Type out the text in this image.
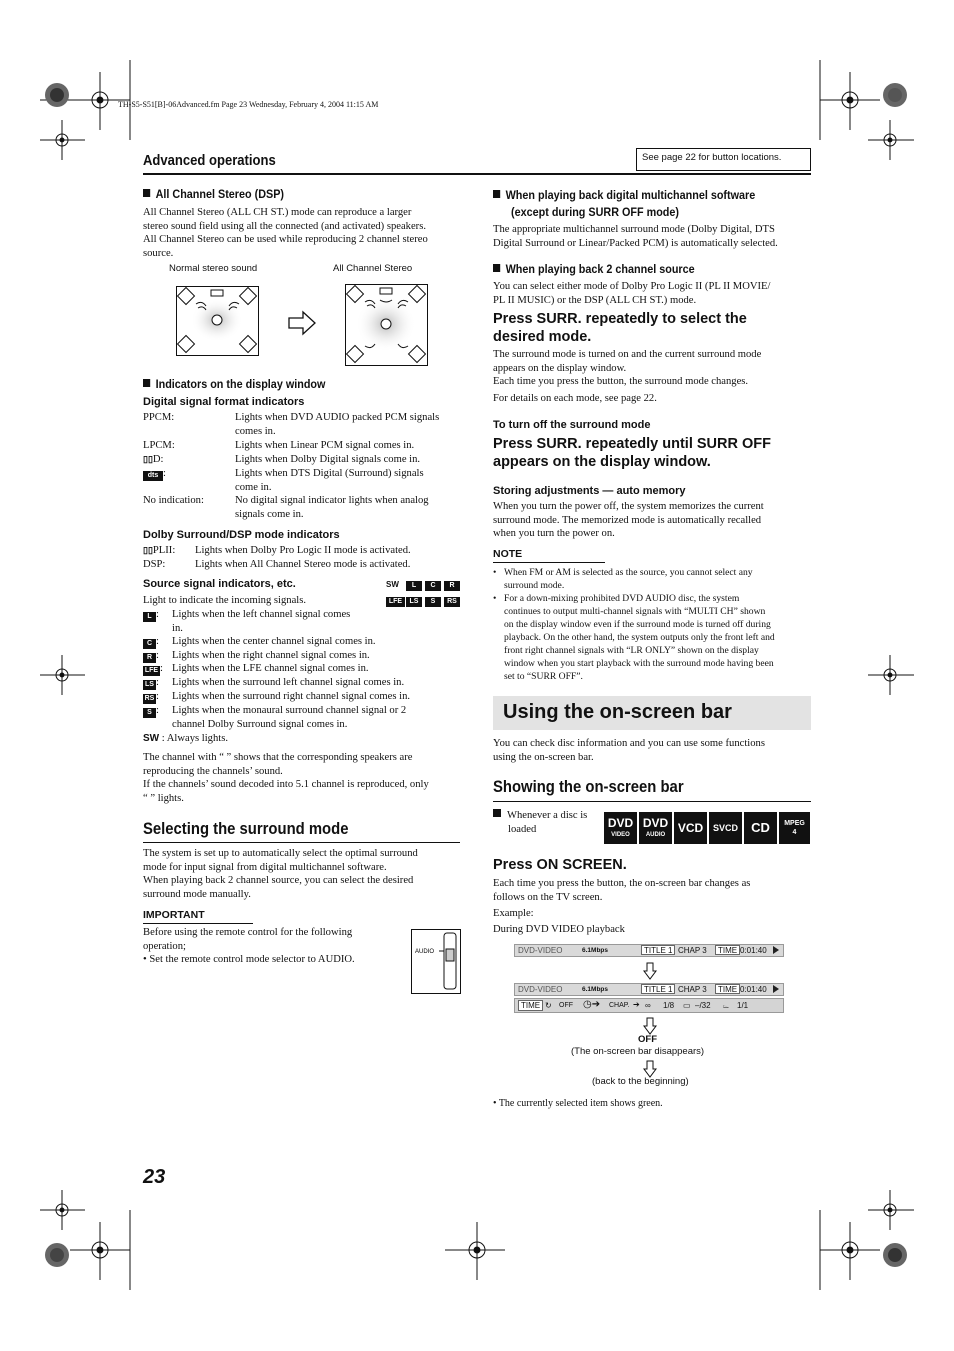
TH-S5-S51[B]-06Advanced.fm Page 23 Wednesday, February 4, 2004 11:15 AM
Advanced operations	See page 22 for button locations.
All Channel Stereo (DSP)
All Channel Stereo (ALL CH ST.) mode can reproduce a larger
stereo sound field using all the connected (and activated) speakers.
All Channel Stereo can be used while reproducing 2 channel stereo
source.
Normal stereo sound	All Channel Stereo
Indicators on the display window
Digital signal format indicators
PPCM:	Lights when DVD AUDIO packed PCM signals
comes in.
LPCM:	Lights when Linear PCM signal comes in.
▯▯D:	Lights when Dolby Digital signals come in.
dts :	Lights when DTS Digital (Surround) signals
come in.
No indication:	No digital signal indicator lights when analog
signals come in.
Dolby Surround/DSP mode indicators
▯▯PLII: Lights when Dolby Pro Logic II mode is activated.
DSP:	Lights when All Channel Stereo mode is activated.
Source signal indicators, etc.	SW	L	C	R
LFE	LS	S	RS
Light to indicate the incoming signals.
L : Lights when the left channel signal comes
in.
C : Lights when the center channel signal comes in.
R : Lights when the right channel signal comes in.
LFE : Lights when the LFE channel signal comes in.
LS : Lights when the surround left channel signal comes in.
RS : Lights when the surround right channel signal comes in.
S : Lights when the monaural surround channel signal or 2
channel Dolby Surround signal comes in.
SW : Always lights.
The channel with “ ” shows that the corresponding speakers are
reproducing the channels’ sound.
If the channels’ sound decoded into 5.1 channel is reproduced, only
“ ” lights.
Selecting the surround mode
The system is set up to automatically select the optimal surround
mode for input signal from digital multichannel software.
When playing back 2 channel source, you can select the desired
surround mode manually.
IMPORTANT
Before using the remote control for the following
operation;
• Set the remote control mode selector to AUDIO.
AUDIO
When playing back digital multichannel software
(except during SURR OFF mode)
The appropriate multichannel surround mode (Dolby Digital, DTS
Digital Surround or Linear/Packed PCM) is automatically selected.
When playing back 2 channel source
You can select either mode of Dolby Pro Logic II (PL II MOVIE/
PL II MUSIC) or the DSP (ALL CH ST.) mode.
Press SURR. repeatedly to select the
desired mode.
The surround mode is turned on and the current surround mode
appears on the display window.
Each time you press the button, the surround mode changes.
For details on each mode, see page 22.
To turn off the surround mode
Press SURR. repeatedly until SURR OFF
appears on the display window.
Storing adjustments — auto memory
When you turn the power off, the system memorizes the current
surround mode. The memorized mode is automatically recalled
when you turn the power on.
NOTE
• When FM or AM is selected as the source, you cannot select any
surround mode.
• For a down-mixing prohibited DVD AUDIO disc, the system
continues to output multi-channel signals with “MULTI CH” shown
on the display window even if the surround mode is turned off during
playback. On the other hand, the system outputs only the front left and
front right channel signals with “LR ONLY” shown on the display
window when you start playback with the surround mode having been
set to “SURR OFF”.
Using the on-screen bar
You can check disc information and you can use some functions
using the on-screen bar.
Showing the on-screen bar
Whenever a disc is
loaded	DVD
VIDEO
DVD
AUDIO	VCD	SVCD	CD	MPEG
4
Press ON SCREEN.
Each time you press the button, the on-screen bar changes as
follows on the TV screen.
Example:
During DVD VIDEO playback
DVD-VIDEO	6.1Mbps	TITLE 1 CHAP 3	TIME 0:01:40
DVD-VIDEO	6.1Mbps	TITLE 1 CHAP 3	TIME 0:01:40
TIME ↻ OFF ◷➔ CHAP. ➔ ∞ 1/8 ▭ –/32 ⌳ 1/1
OFF
(The on-screen bar disappears)
(back to the beginning)
• The currently selected item shows green.
23
